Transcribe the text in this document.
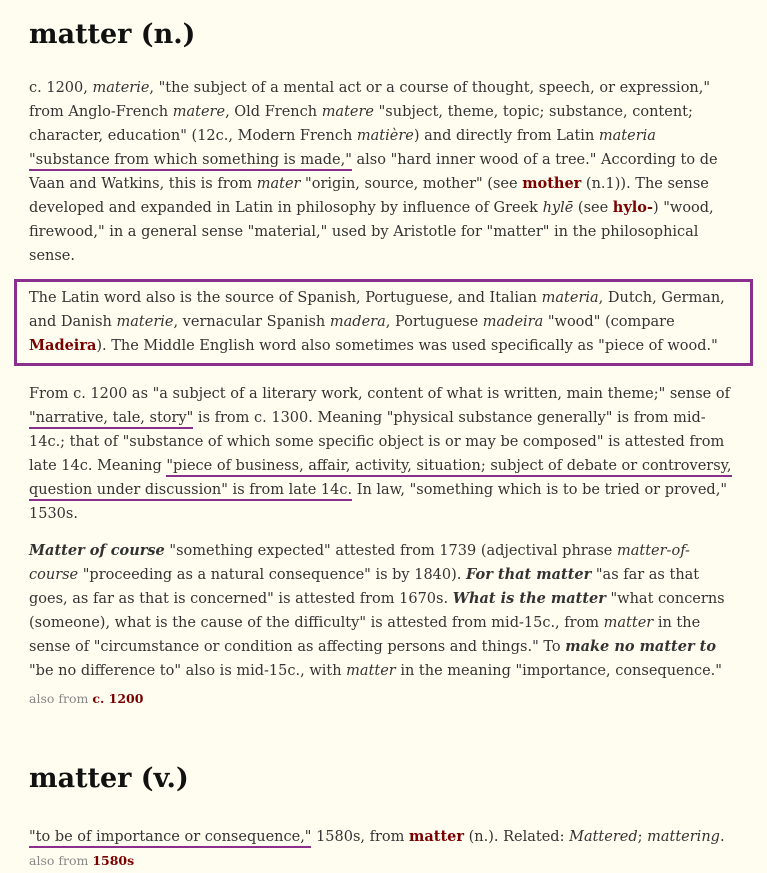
matter (n.)

c. 1200, materie, "the subject of a mental act or a course of thought, speech, or expression," from Anglo-French matere, Old French matere "subject, theme, topic; substance, content; character, education" (12c., Modern French matière) and directly from Latin materia "substance from which something is made," also "hard inner wood of a tree." According to de Vaan and Watkins, this is from mater "origin, source, mother" (see mother (n.1)). The sense developed and expanded in Latin in philosophy by influence of Greek hylē (see hylo-) "wood, firewood," in a general sense "material," used by Aristotle for "matter" in the philosophical sense.

The Latin word also is the source of Spanish, Portuguese, and Italian materia, Dutch, German, and Danish materie, vernacular Spanish madera, Portuguese madeira "wood" (compare Madeira). The Middle English word also sometimes was used specifically as "piece of wood."

From c. 1200 as "a subject of a literary work, content of what is written, main theme;" sense of "narrative, tale, story" is from c. 1300. Meaning "physical substance generally" is from mid-14c.; that of "substance of which some specific object is or may be composed" is attested from late 14c. Meaning "piece of business, affair, activity, situation; subject of debate or controversy, question under discussion" is from late 14c. In law, "something which is to be tried or proved," 1530s.

Matter of course "something expected" attested from 1739 (adjectival phrase matter-of-course "proceeding as a natural consequence" is by 1840). For that matter "as far as that goes, as far as that is concerned" is attested from 1670s. What is the matter "what concerns (someone), what is the cause of the difficulty" is attested from mid-15c., from matter in the sense of "circumstance or condition as affecting persons and things." To make no matter to "be no difference to" also is mid-15c., with matter in the meaning "importance, consequence."

also from c. 1200
matter (v.)

"to be of importance or consequence," 1580s, from matter (n.). Related: Mattered; mattering.

also from 1580s
